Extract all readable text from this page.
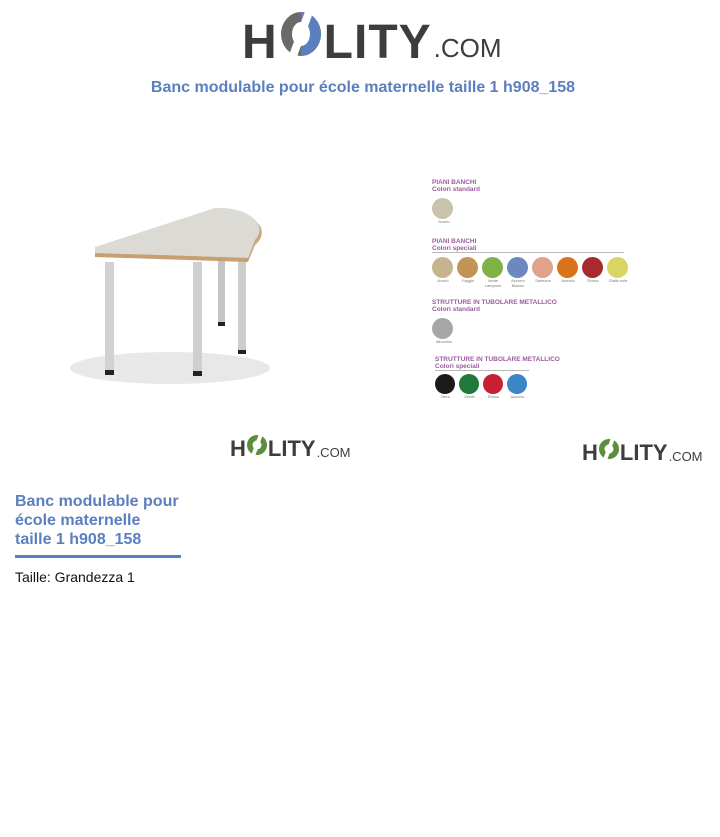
H LITY .COM
Banc modulable pour école maternelle taille 1 h908_158
H LITY .COM
PIANI BANCHI
Colori standard
Avorio
PIANI BANCHI
Colori speciali
Avorio	Faggio	Verde Lampone
Azzurro Bianco
Salmone	Arancio	Rosso	Giallo sole
STRUTTURE IN TUBOLARE METALLICO
Colori standard
Alluminio
STRUTTURE IN TUBOLARE METALLICO
Colori speciali
Nero	Verde	Rosso	Azzurro
H LITY .COM
Banc modulable pour école maternelle taille 1 h908_158
Taille: Grandezza 1
